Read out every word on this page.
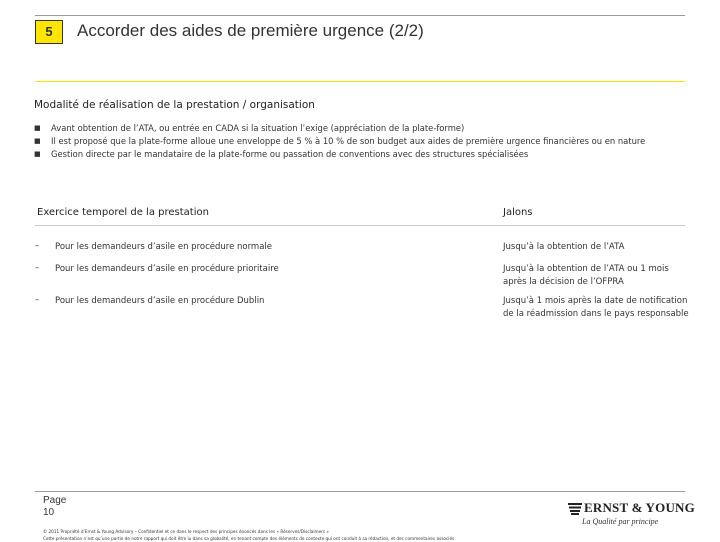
5	Accorder des aides de première urgence (2/2)
Modalité de réalisation de la prestation / organisation
■ Avant obtention de l’ATA, ou entrée en CADA si la situation l’exige (appréciation de la plate-forme)
■ Il est proposé que la plate-forme alloue une enveloppe de 5 % à 10 % de son budget aux aides de première urgence financières ou en nature
■ Gestion directe par le mandataire de la plate-forme ou passation de conventions avec des structures spécialisées
Exercice temporel de la prestation	Jalons
– Pour les demandeurs d’asile en procédure normale	Jusqu’à la obtention de l’ATA
– Pour les demandeurs d’asile en procédure prioritaire	Jusqu’à la obtention de l’ATA ou 1 mois après la décision de l’OFPRA
– Pour les demandeurs d’asile en procédure Dublin	Jusqu’à 1 mois après la date de notification de la réadmission dans le pays responsable
Page
10
© 2011 Propriété d’Ernst & Young Advisory – Confidentiel et ce dans le respect des principes énoncés dans les « Réserves/Disclaimers »
Cette présentation n’est qu’une partie de notre rapport qui doit être lu dans sa globalité, en tenant compte des éléments de contexte qui ont conduit à sa rédaction, et des commentaires associés
ERNST & YOUNG
La Qualité par principe
